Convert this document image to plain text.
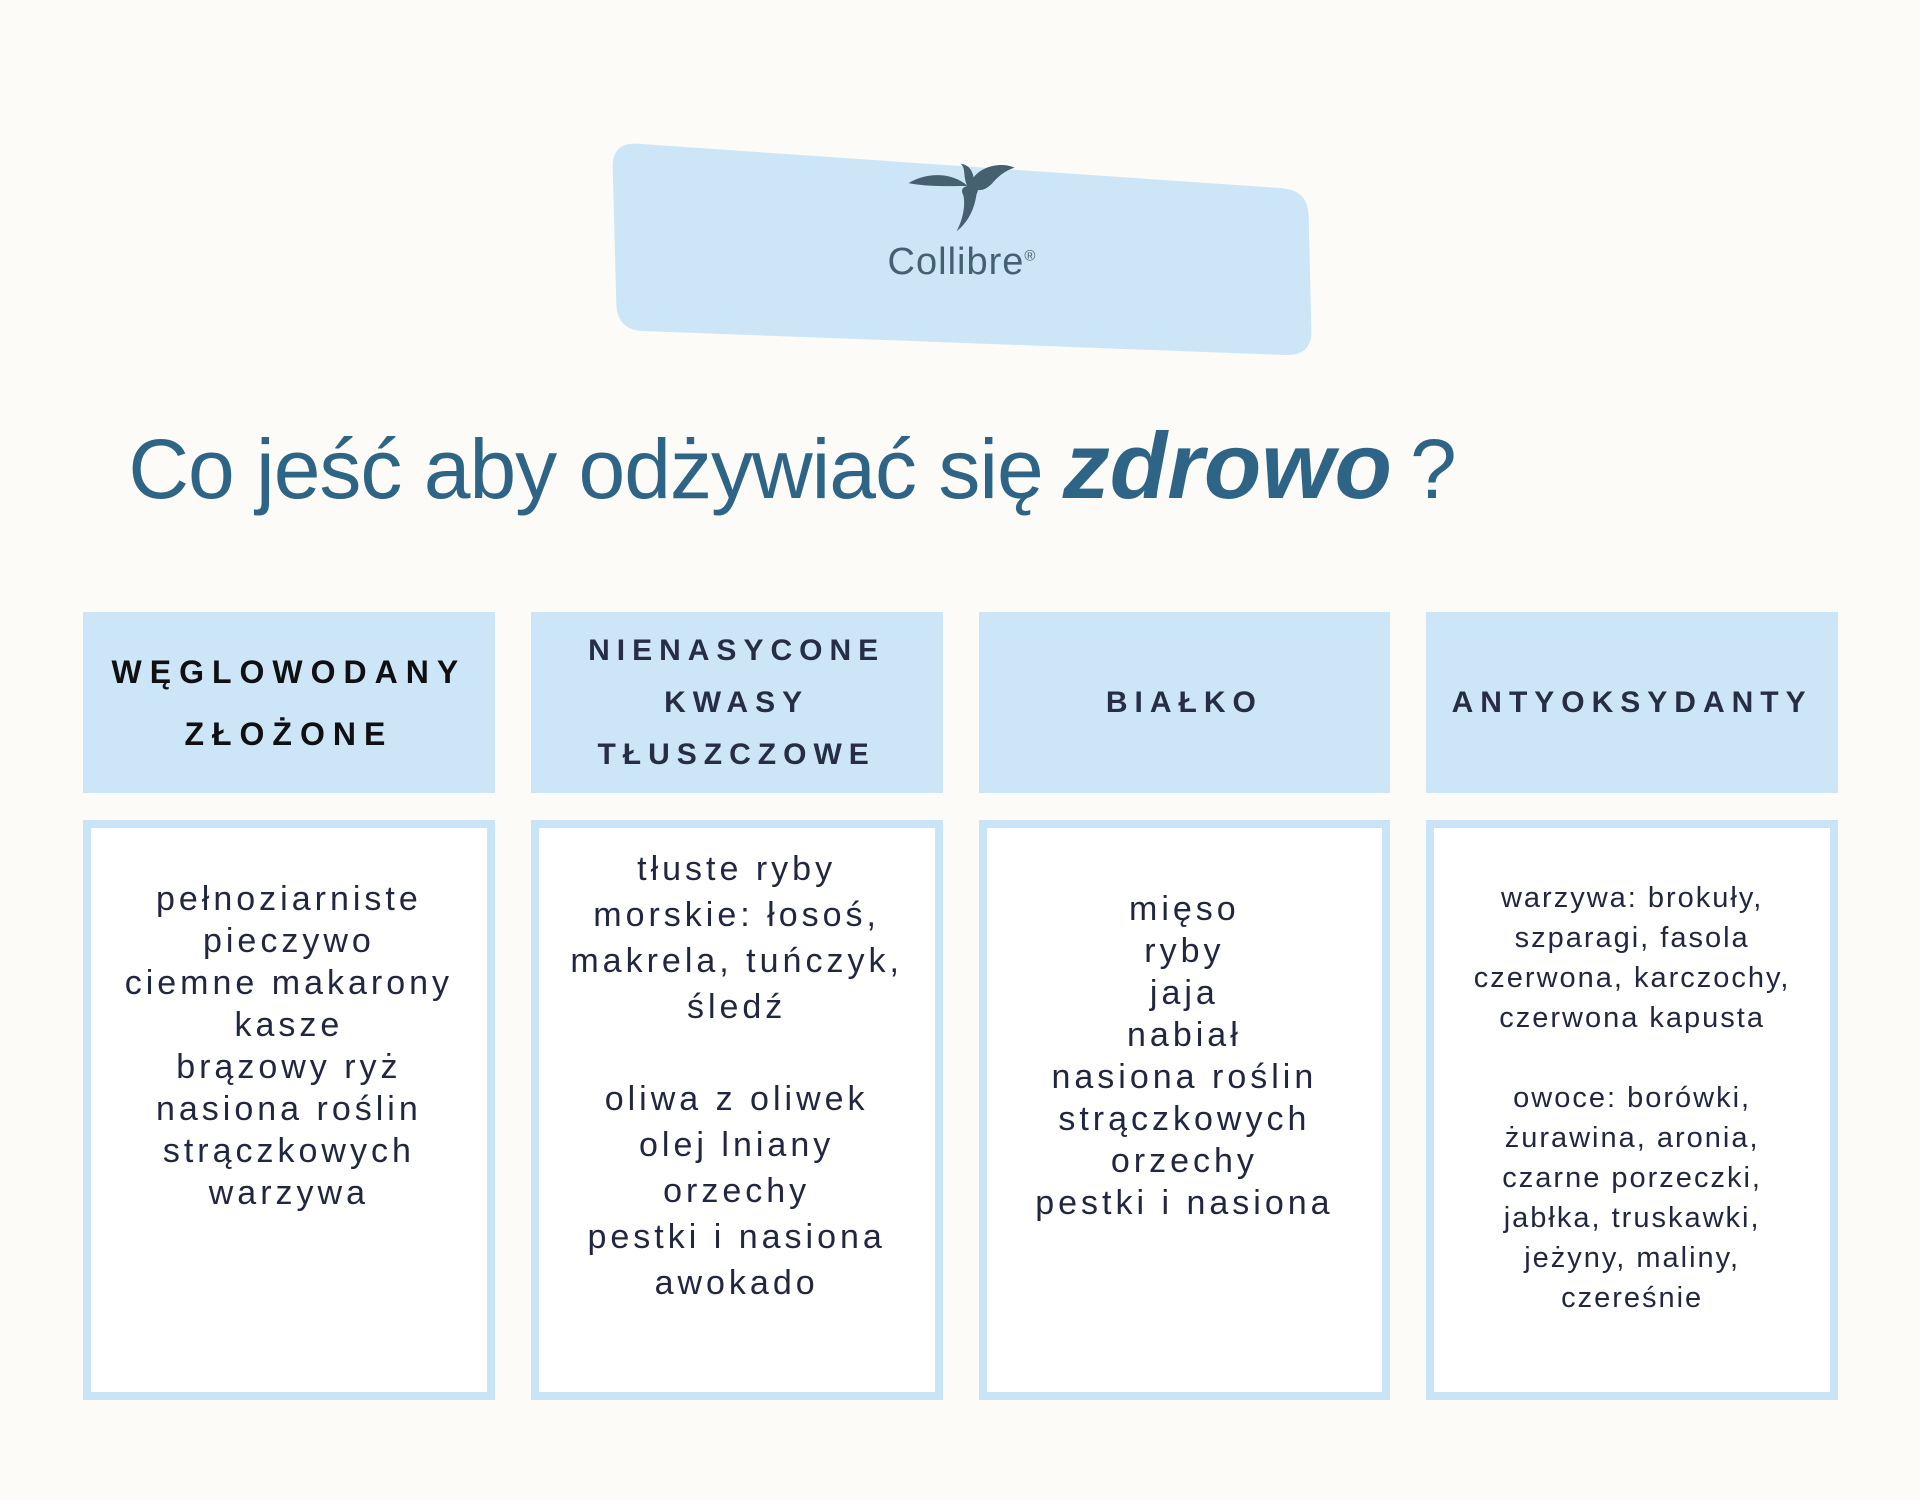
Collibre®
Co jeść aby odżywiać się zdrowo ?
WĘGLOWODANY
ZŁOŻONE
pełnoziarniste
pieczywo
ciemne makarony
kasze
brązowy ryż
nasiona roślin
strączkowych
warzywa
NIENASYCONE
KWASY
TŁUSZCZOWE
tłuste ryby
morskie: łosoś,
makrela, tuńczyk,
śledź

oliwa z oliwek
olej lniany
orzechy
pestki i nasiona
awokado
BIAŁKO
mięso
ryby
jaja
nabiał
nasiona roślin
strączkowych
orzechy
pestki i nasiona
ANTYOKSYDANTY
warzywa: brokuły,
szparagi, fasola
czerwona, karczochy,
czerwona kapusta

owoce: borówki,
żurawina, aronia,
czarne porzeczki,
jabłka, truskawki,
jeżyny, maliny,
czereśnie
